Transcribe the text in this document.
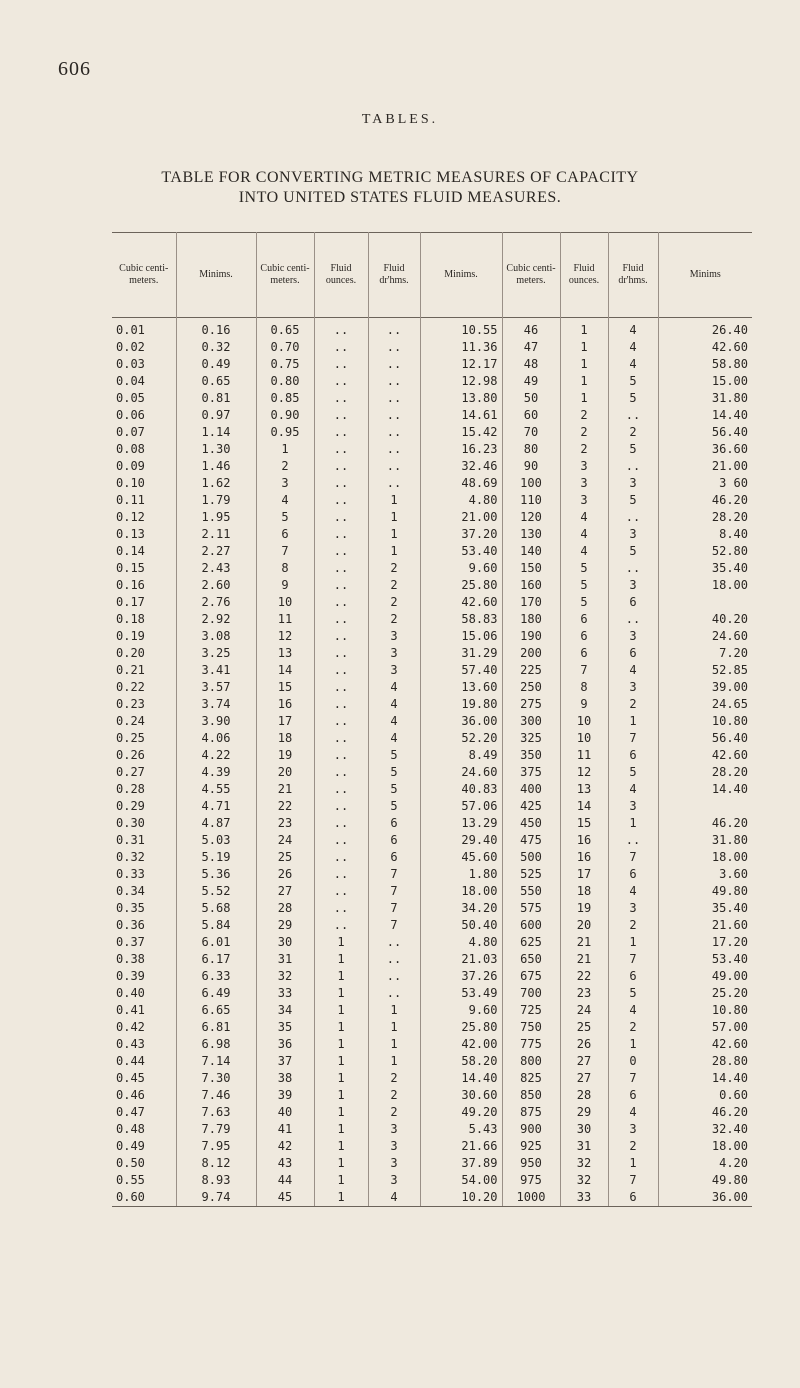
606
TABLES.
TABLE FOR CONVERTING METRIC MEASURES OF CAPACITY
INTO UNITED STATES FLUID MEASURES.
Cubic centi- meters.	Minims.	Cubic centi- meters.	Fluid ounces.	Fluid dr'hms.	Minims.	Cubic centi- meters.	Fluid ounces.	Fluid dr'hms.	Minims
0.01	0.16	0.65	..	..	10.55	46	1	4	26.40
0.02	0.32	0.70	..	..	11.36	47	1	4	42.60
0.03	0.49	0.75	..	..	12.17	48	1	4	58.80
0.04	0.65	0.80	..	..	12.98	49	1	5	15.00
0.05	0.81	0.85	..	..	13.80	50	1	5	31.80
0.06	0.97	0.90	..	..	14.61	60	2	..	14.40
0.07	1.14	0.95	..	..	15.42	70	2	2	56.40
0.08	1.30	1	..	..	16.23	80	2	5	36.60
0.09	1.46	2	..	..	32.46	90	3	..	21.00
0.10	1.62	3	..	..	48.69	100	3	3	3 60
0.11	1.79	4	..	1	4.80	110	3	5	46.20
0.12	1.95	5	..	1	21.00	120	4	..	28.20
0.13	2.11	6	..	1	37.20	130	4	3	8.40
0.14	2.27	7	..	1	53.40	140	4	5	52.80
0.15	2.43	8	..	2	9.60	150	5	..	35.40
0.16	2.60	9	..	2	25.80	160	5	3	18.00
0.17	2.76	10	..	2	42.60	170	5	6	
0.18	2.92	11	..	2	58.83	180	6	..	40.20
0.19	3.08	12	..	3	15.06	190	6	3	24.60
0.20	3.25	13	..	3	31.29	200	6	6	7.20
0.21	3.41	14	..	3	57.40	225	7	4	52.85
0.22	3.57	15	..	4	13.60	250	8	3	39.00
0.23	3.74	16	..	4	19.80	275	9	2	24.65
0.24	3.90	17	..	4	36.00	300	10	1	10.80
0.25	4.06	18	..	4	52.20	325	10	7	56.40
0.26	4.22	19	..	5	8.49	350	11	6	42.60
0.27	4.39	20	..	5	24.60	375	12	5	28.20
0.28	4.55	21	..	5	40.83	400	13	4	14.40
0.29	4.71	22	..	5	57.06	425	14	3	
0.30	4.87	23	..	6	13.29	450	15	1	46.20
0.31	5.03	24	..	6	29.40	475	16	..	31.80
0.32	5.19	25	..	6	45.60	500	16	7	18.00
0.33	5.36	26	..	7	1.80	525	17	6	3.60
0.34	5.52	27	..	7	18.00	550	18	4	49.80
0.35	5.68	28	..	7	34.20	575	19	3	35.40
0.36	5.84	29	..	7	50.40	600	20	2	21.60
0.37	6.01	30	1	..	4.80	625	21	1	17.20
0.38	6.17	31	1	..	21.03	650	21	7	53.40
0.39	6.33	32	1	..	37.26	675	22	6	49.00
0.40	6.49	33	1	..	53.49	700	23	5	25.20
0.41	6.65	34	1	1	9.60	725	24	4	10.80
0.42	6.81	35	1	1	25.80	750	25	2	57.00
0.43	6.98	36	1	1	42.00	775	26	1	42.60
0.44	7.14	37	1	1	58.20	800	27	0	28.80
0.45	7.30	38	1	2	14.40	825	27	7	14.40
0.46	7.46	39	1	2	30.60	850	28	6	0.60
0.47	7.63	40	1	2	49.20	875	29	4	46.20
0.48	7.79	41	1	3	5.43	900	30	3	32.40
0.49	7.95	42	1	3	21.66	925	31	2	18.00
0.50	8.12	43	1	3	37.89	950	32	1	4.20
0.55	8.93	44	1	3	54.00	975	32	7	49.80
0.60	9.74	45	1	4	10.20	1000	33	6	36.00
